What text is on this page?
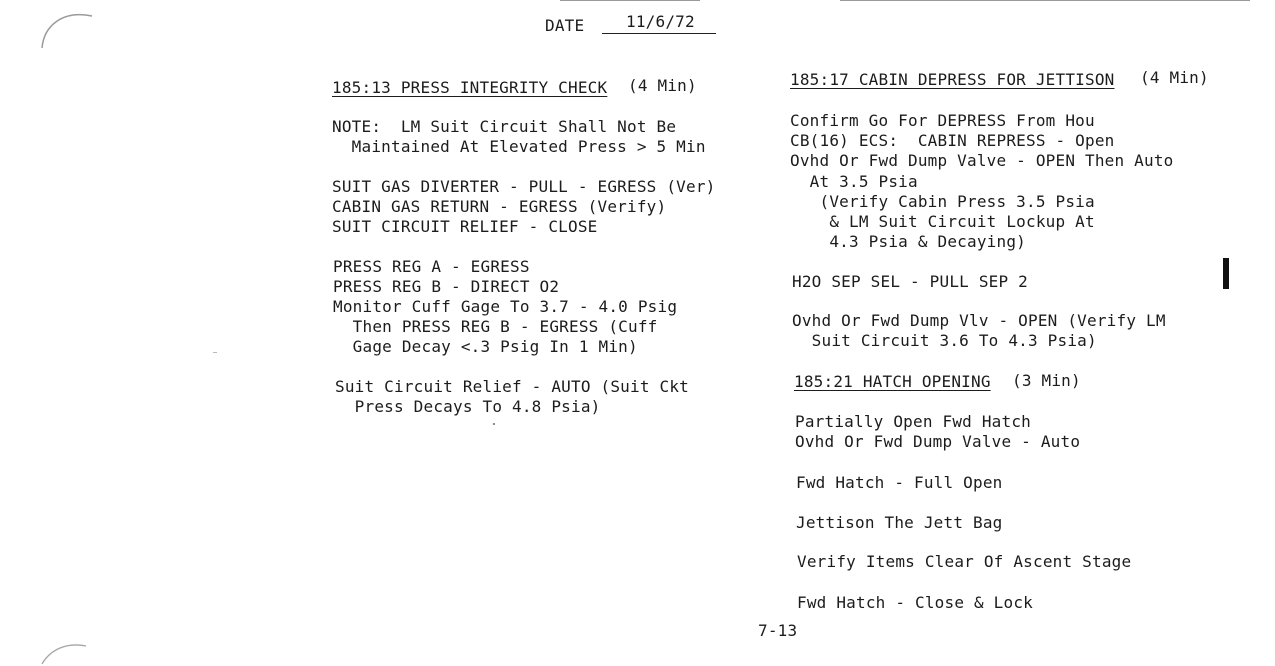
DATE	11/6/72
185:13 PRESS INTEGRITY CHECK (4 Min)
NOTE:  LM Suit Circuit Shall Not Be
Maintained At Elevated Press > 5 Min
SUIT GAS DIVERTER - PULL - EGRESS (Ver)
CABIN GAS RETURN - EGRESS (Verify)
SUIT CIRCUIT RELIEF - CLOSE
PRESS REG A - EGRESS
PRESS REG B - DIRECT O2
Monitor Cuff Gage To 3.7 - 4.0 Psig
Then PRESS REG B - EGRESS (Cuff
Gage Decay <.3 Psig In 1 Min)
Suit Circuit Relief - AUTO (Suit Ckt
Press Decays To 4.8 Psia)
185:17 CABIN DEPRESS FOR JETTISON (4 Min)
Confirm Go For DEPRESS From Hou
CB(16) ECS:  CABIN REPRESS - Open
Ovhd Or Fwd Dump Valve - OPEN Then Auto
At 3.5 Psia
(Verify Cabin Press 3.5 Psia
& LM Suit Circuit Lockup At
4.3 Psia & Decaying)
H2O SEP SEL - PULL SEP 2
Ovhd Or Fwd Dump Vlv - OPEN (Verify LM
Suit Circuit 3.6 To 4.3 Psia)
185:21 HATCH OPENING (3 Min)
Partially Open Fwd Hatch
Ovhd Or Fwd Dump Valve - Auto
Fwd Hatch - Full Open
Jettison The Jett Bag
Verify Items Clear Of Ascent Stage
Fwd Hatch - Close & Lock
7-13
